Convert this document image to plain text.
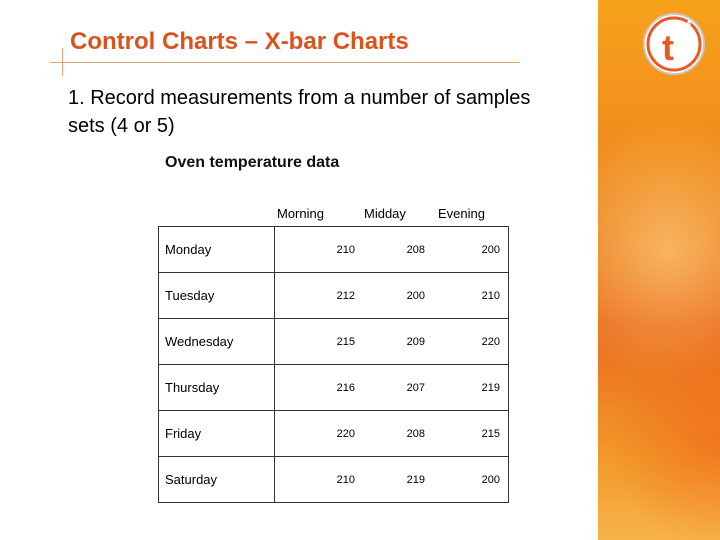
t
4
Control Charts – X-bar Charts

1. Record measurements from a number of samples sets (4 or 5)

Oven temperature data
Morning	Midday Evening
Monday	210 208 200

Tuesday	212 200 210

Wednesday	215 209 220

Thursday	216 207 219

Friday	220 208 215

Saturday	210 219 200
